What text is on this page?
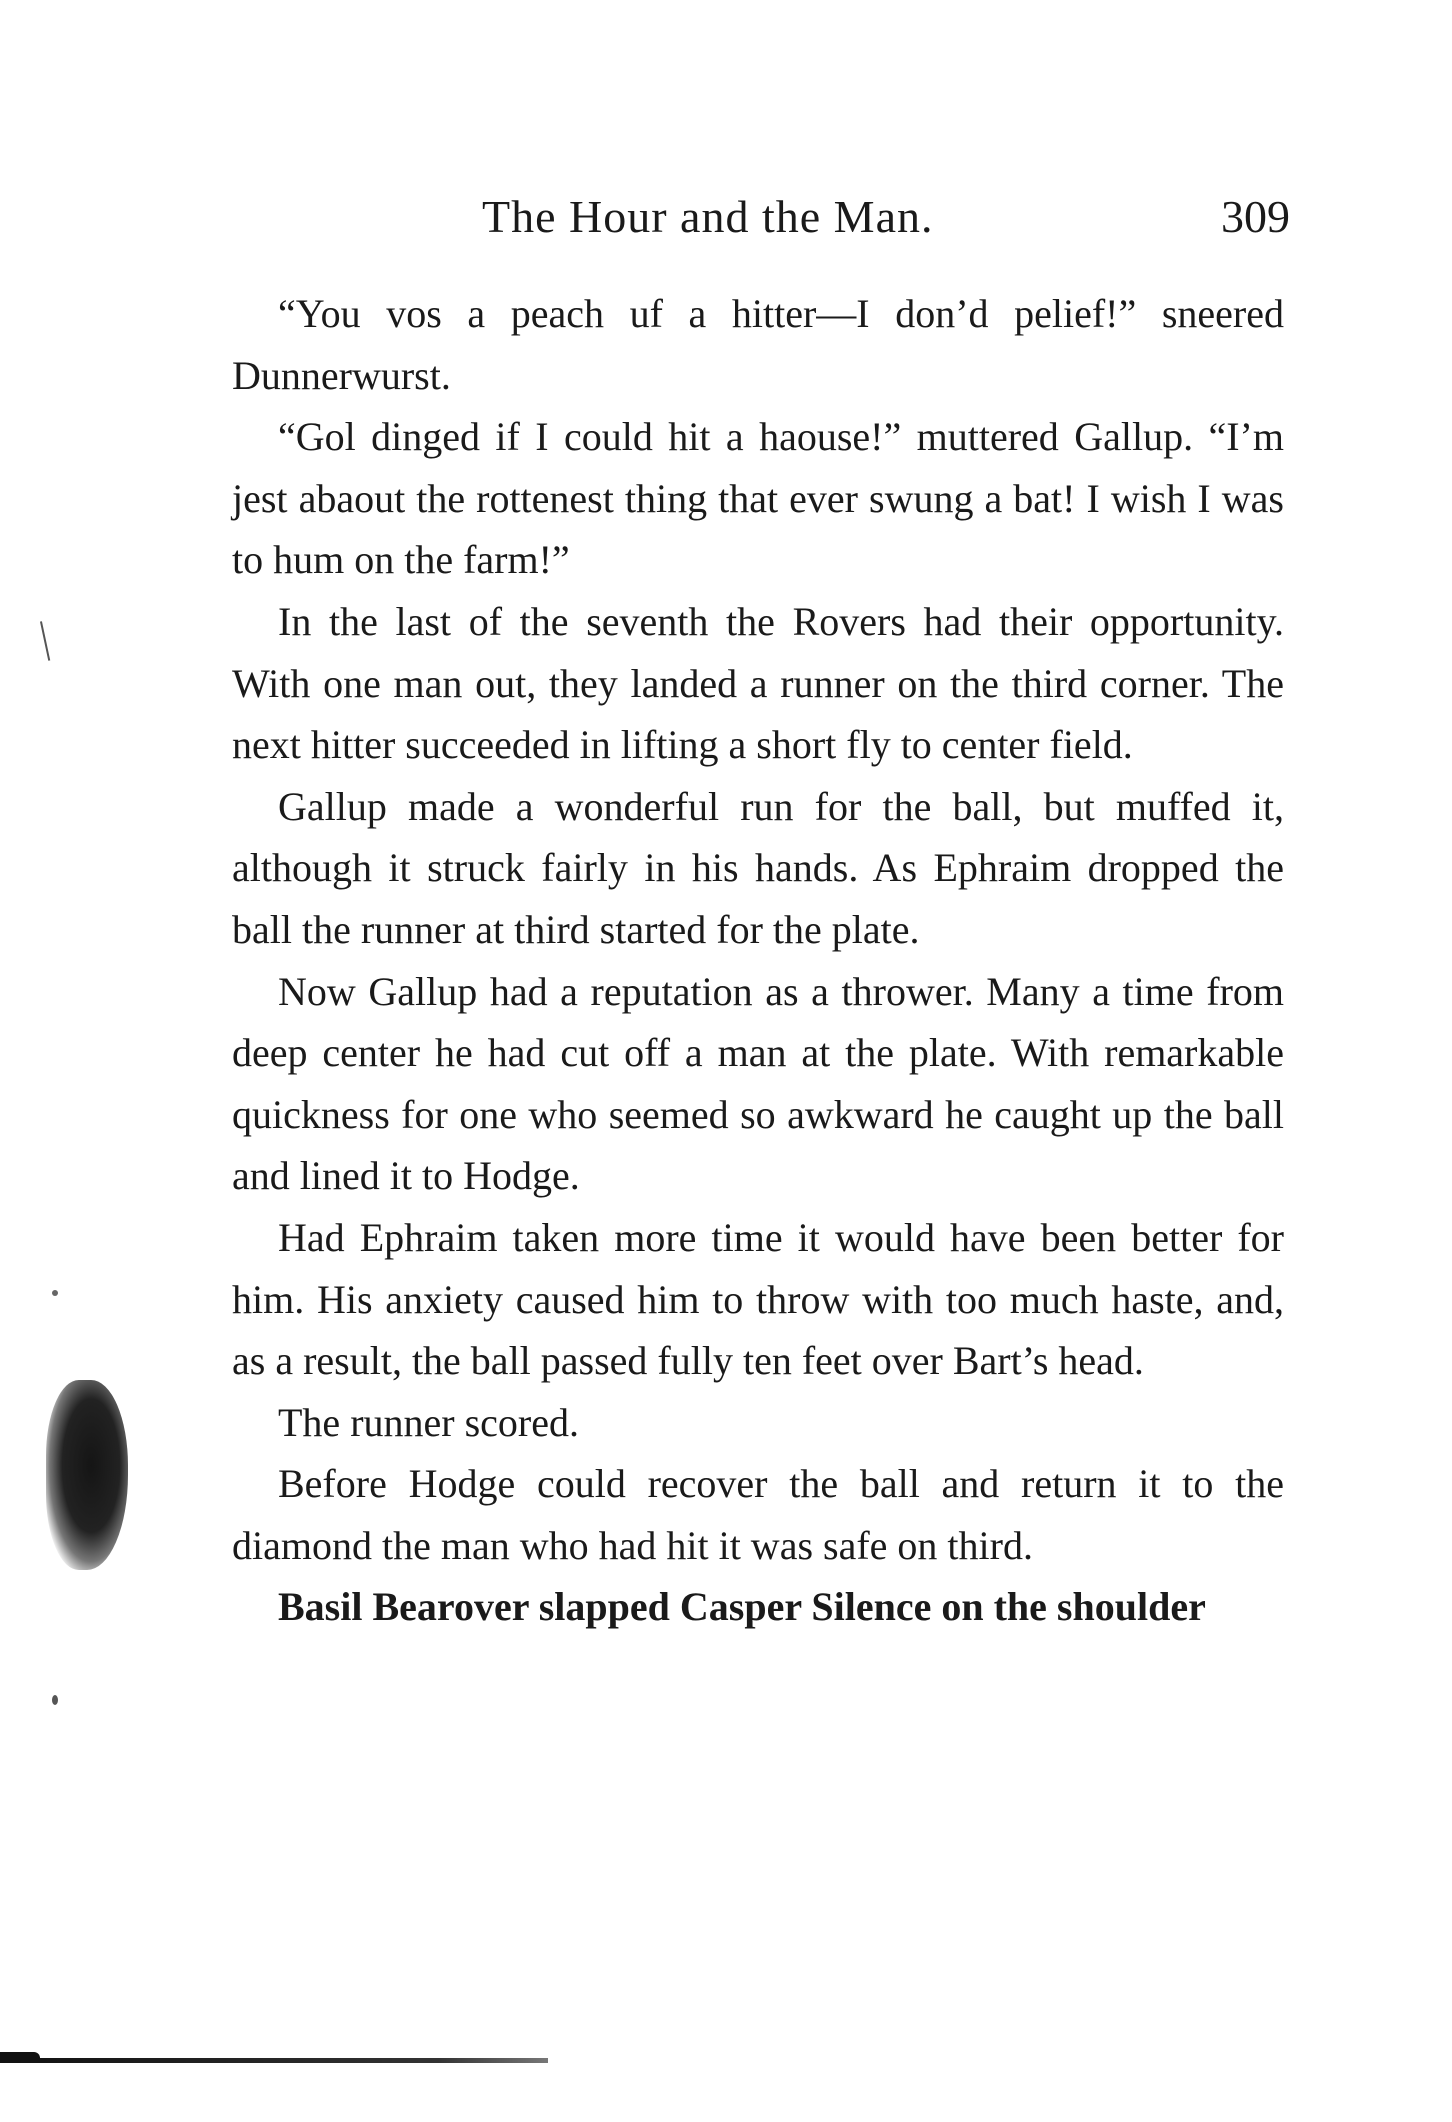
The Hour and the Man.	309

“You vos a peach uf a hitter—I don’d pelief!” sneered Dunnerwurst.

“Gol dinged if I could hit a haouse!” muttered Gallup. “I’m jest abaout the rottenest thing that ever swung a bat! I wish I was to hum on the farm!”

In the last of the seventh the Rovers had their opportunity. With one man out, they landed a runner on the third corner. The next hitter succeeded in lifting a short fly to center field.

Gallup made a wonderful run for the ball, but muffed it, although it struck fairly in his hands. As Ephraim dropped the ball the runner at third started for the plate.

Now Gallup had a reputation as a thrower. Many a time from deep center he had cut off a man at the plate. With remarkable quickness for one who seemed so awkward he caught up the ball and lined it to Hodge.

Had Ephraim taken more time it would have been better for him. His anxiety caused him to throw with too much haste, and, as a result, the ball passed fully ten feet over Bart’s head.

The runner scored.

Before Hodge could recover the ball and return it to the diamond the man who had hit it was safe on third.

Basil Bearover slapped Casper Silence on the shoulder
